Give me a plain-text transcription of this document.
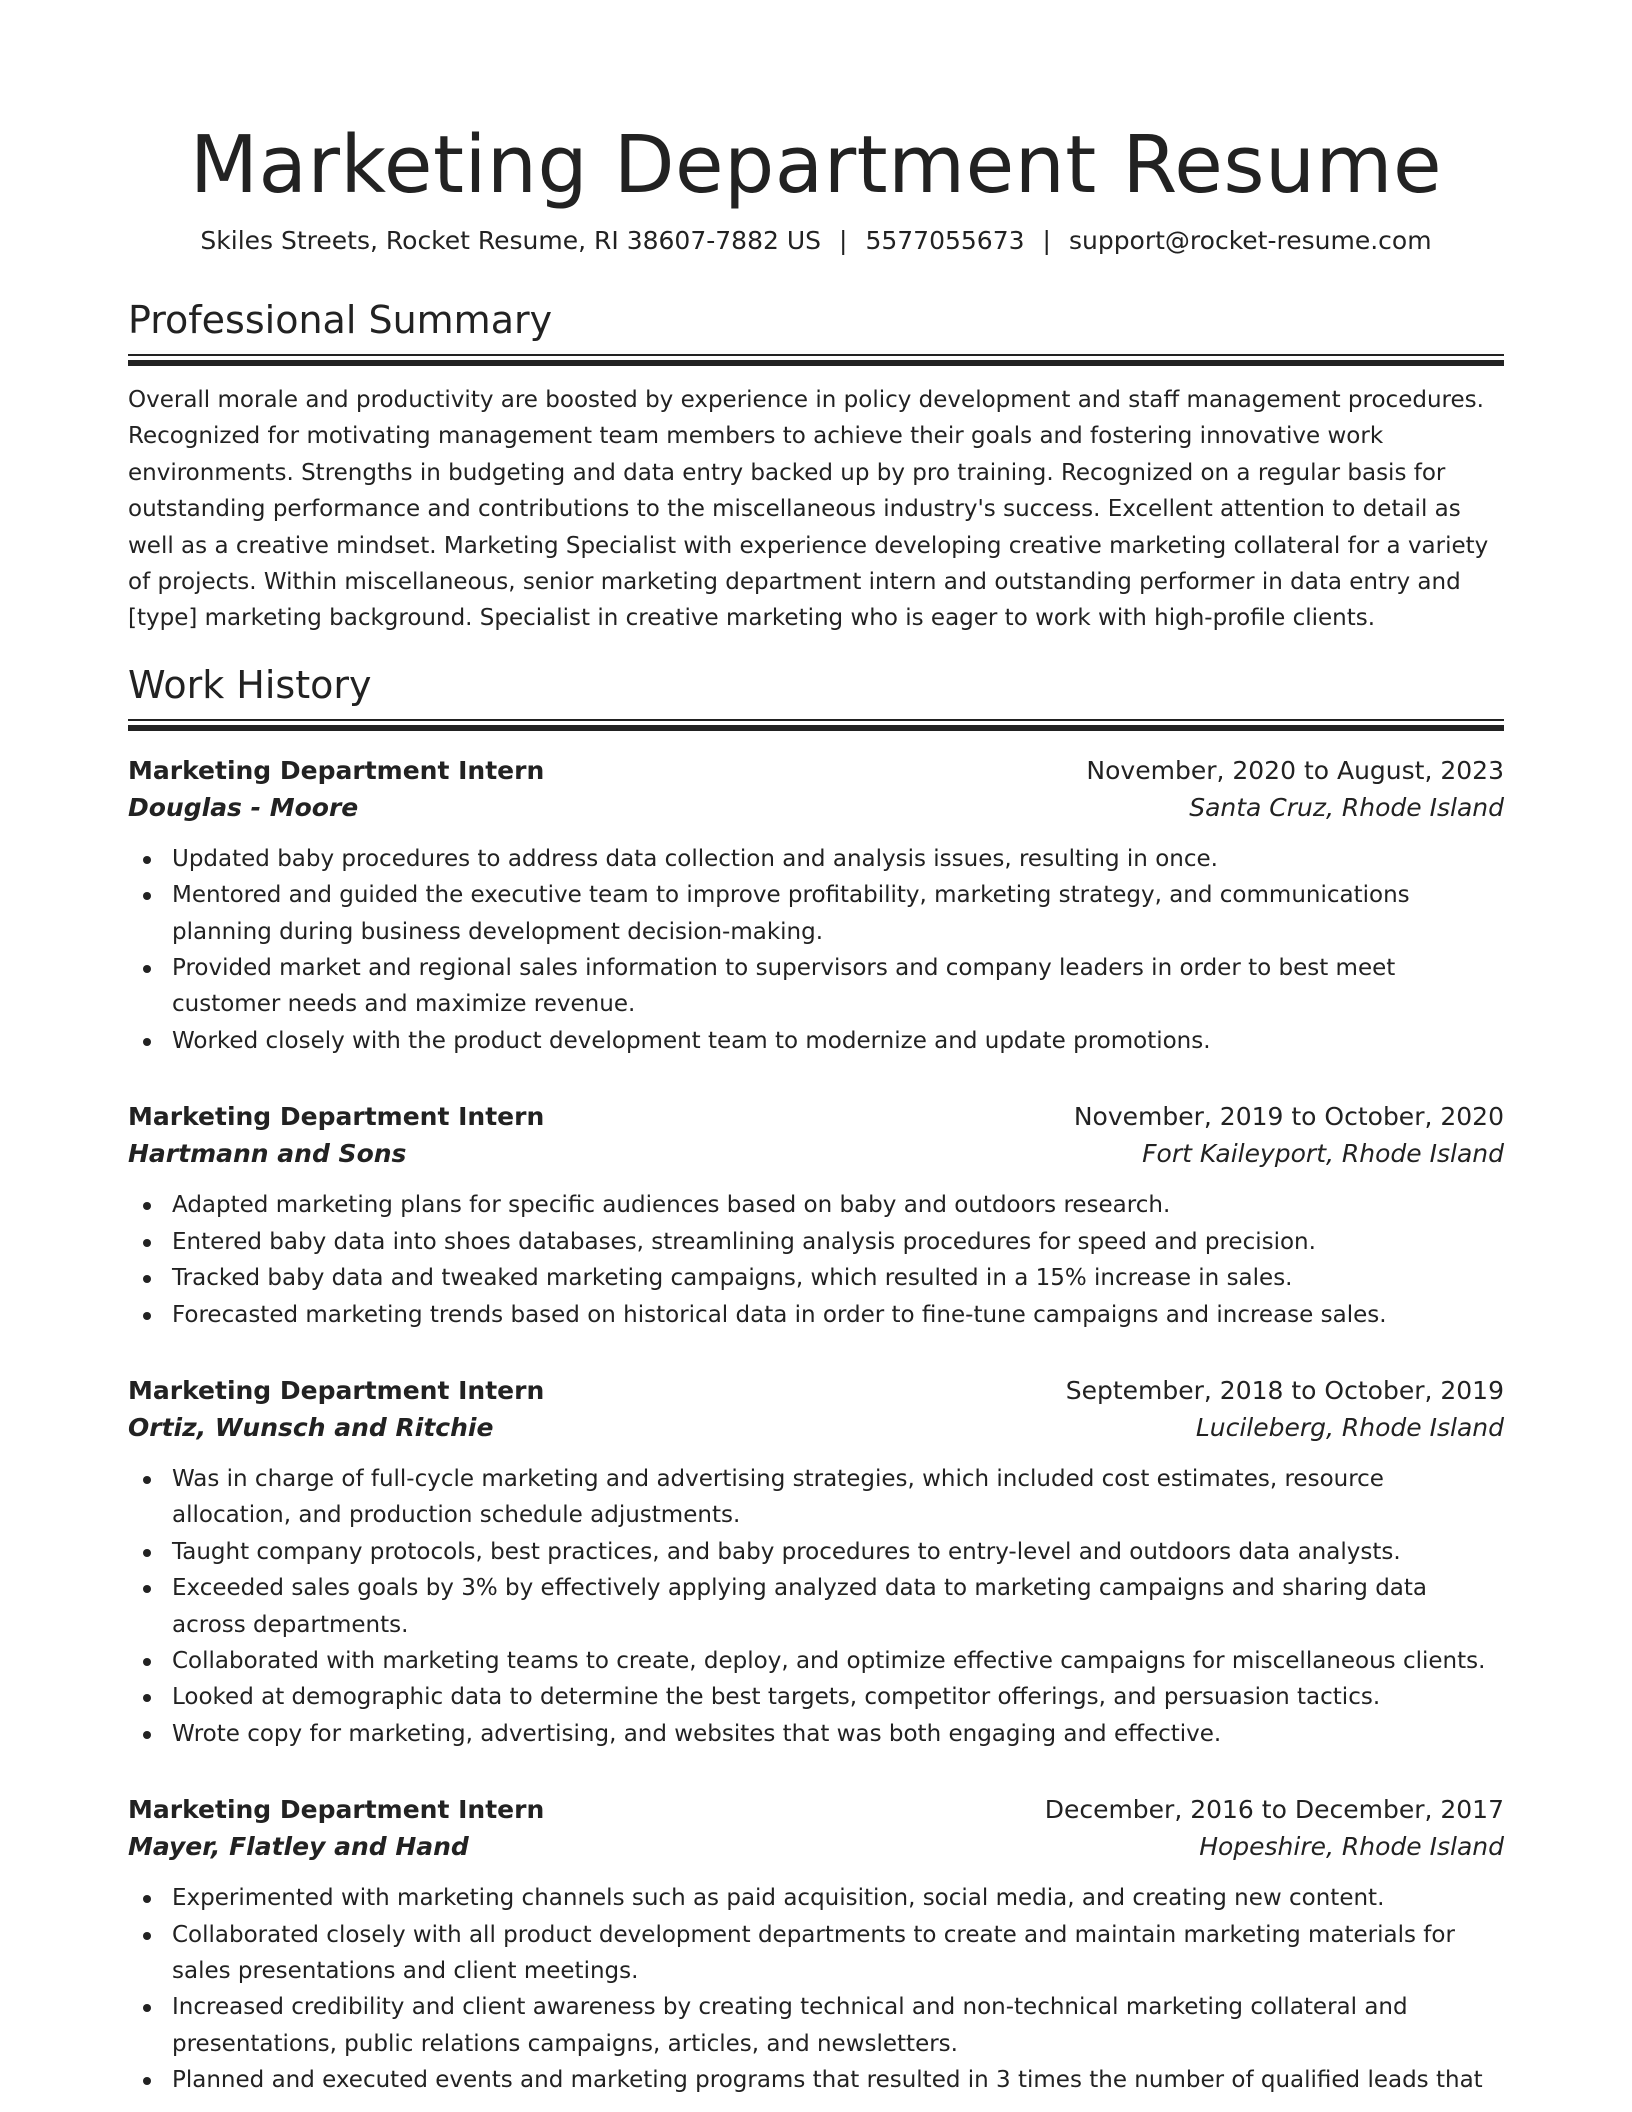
Marketing Department Resume
Skiles Streets, Rocket Resume, RI 38607-7882 US | 5577055673 | support@rocket-resume.com
Professional Summary

Overall morale and productivity are boosted by experience in policy development and staff management procedures. Recognized for motivating management team members to achieve their goals and fostering innovative work environments. Strengths in budgeting and data entry backed up by pro training. Recognized on a regular basis for outstanding performance and contributions to the miscellaneous industry's success. Excellent attention to detail as well as a creative mindset. Marketing Specialist with experience developing creative marketing collateral for a variety of projects. Within miscellaneous, senior marketing department intern and outstanding performer in data entry and [type] marketing background. Specialist in creative marketing who is eager to work with high-profile clients.

Work History
Marketing Department Intern	November, 2020 to August, 2023
Douglas - Moore	Santa Cruz, Rhode Island
Updated baby procedures to address data collection and analysis issues, resulting in once.
Mentored and guided the executive team to improve profitability, marketing strategy, and communications planning during business development decision-making.
Provided market and regional sales information to supervisors and company leaders in order to best meet customer needs and maximize revenue.
Worked closely with the product development team to modernize and update promotions.
Marketing Department Intern	November, 2019 to October, 2020
Hartmann and Sons	Fort Kaileyport, Rhode Island
Adapted marketing plans for specific audiences based on baby and outdoors research.
Entered baby data into shoes databases, streamlining analysis procedures for speed and precision.
Tracked baby data and tweaked marketing campaigns, which resulted in a 15% increase in sales.
Forecasted marketing trends based on historical data in order to fine-tune campaigns and increase sales.
Marketing Department Intern	September, 2018 to October, 2019
Ortiz, Wunsch and Ritchie	Lucileberg, Rhode Island
Was in charge of full-cycle marketing and advertising strategies, which included cost estimates, resource allocation, and production schedule adjustments.
Taught company protocols, best practices, and baby procedures to entry-level and outdoors data analysts.
Exceeded sales goals by 3% by effectively applying analyzed data to marketing campaigns and sharing data across departments.
Collaborated with marketing teams to create, deploy, and optimize effective campaigns for miscellaneous clients.
Looked at demographic data to determine the best targets, competitor offerings, and persuasion tactics.
Wrote copy for marketing, advertising, and websites that was both engaging and effective.
Marketing Department Intern	December, 2016 to December, 2017
Mayer, Flatley and Hand	Hopeshire, Rhode Island
Experimented with marketing channels such as paid acquisition, social media, and creating new content.
Collaborated closely with all product development departments to create and maintain marketing materials for sales presentations and client meetings.
Increased credibility and client awareness by creating technical and non-technical marketing collateral and presentations, public relations campaigns, articles, and newsletters.
Planned and executed events and marketing programs that resulted in 3 times the number of qualified leads that
